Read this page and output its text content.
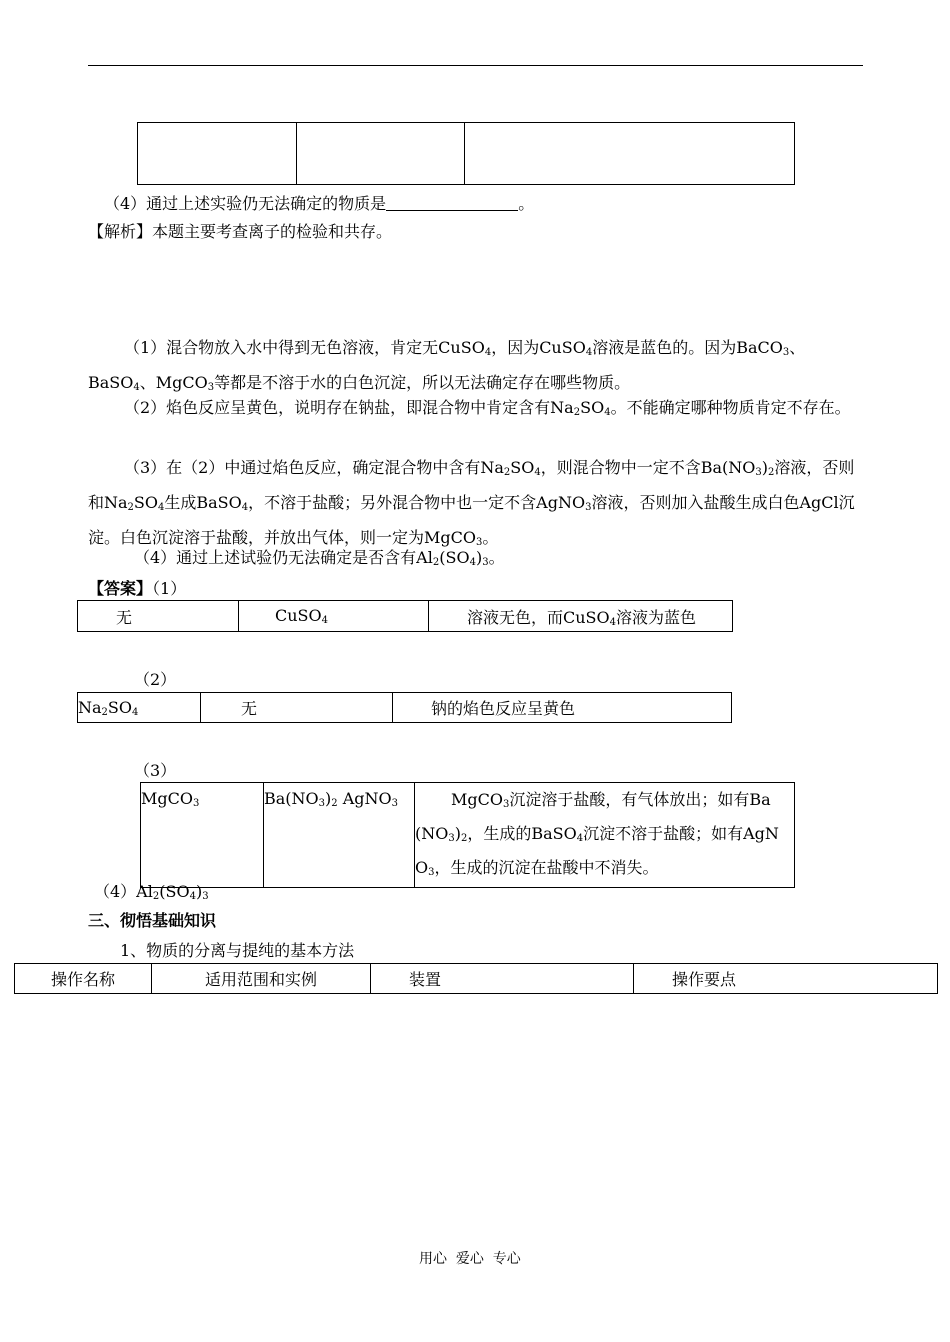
（4）通过上述实验仍无法确定的物质是	。
【解析】本题主要考查离子的检验和共存。
（1）混合物放入水中得到无色溶液，肯定无CuSO$_4$，因为CuSO$_4$溶液是蓝色的。因为BaCO$_3$、BaSO$_4$、MgCO$_3$等都是不溶于水的白色沉淀，所以无法确定存在哪些物质。
（2）焰色反应呈黄色，说明存在钠盐，即混合物中肯定含有$Na_2SO_4$。不能确定哪种物质肯定不存在。
（3）在（2）中通过焰色反应，确定混合物中含有$Na_2SO_4$，则混合物中一定不含$Ba(NO_3)_2$溶液，否则和$Na_2SO_4$生成BaSO$_4$，不溶于盐酸；另外混合物中也一定不含AgNO$_3$溶液，否则加入盐酸生成白色AgCl沉淀。白色沉淀溶于盐酸，并放出气体，则一定为MgCO$_3$。
（4）通过上述试验仍无法确定是否含有$Al_2(SO_4)_3$。
【答案】（1）
无	CuSO$_4$	溶液无色，而CuSO$_4$溶液为蓝色
（2）
$Na_2SO_4$	无	钠的焰色反应呈黄色
（3）
MgCO$_3$	$Ba(NO_3)_2$ AgNO$_3$	MgCO$_3$沉淀溶于盐酸，有气体放出；如有Ba
$(NO_3)_2$，生成的BaSO$_4$沉淀不溶于盐酸；如有AgN
$O_3$，生成的沉淀在盐酸中不消失。
$(4)Al_2(SO_4)_3$
三、彻悟基础知识
1、物质的分离与提纯的基本方法
操作名称	适用范围和实例	装置	操作要点
用心  爱心  专心
